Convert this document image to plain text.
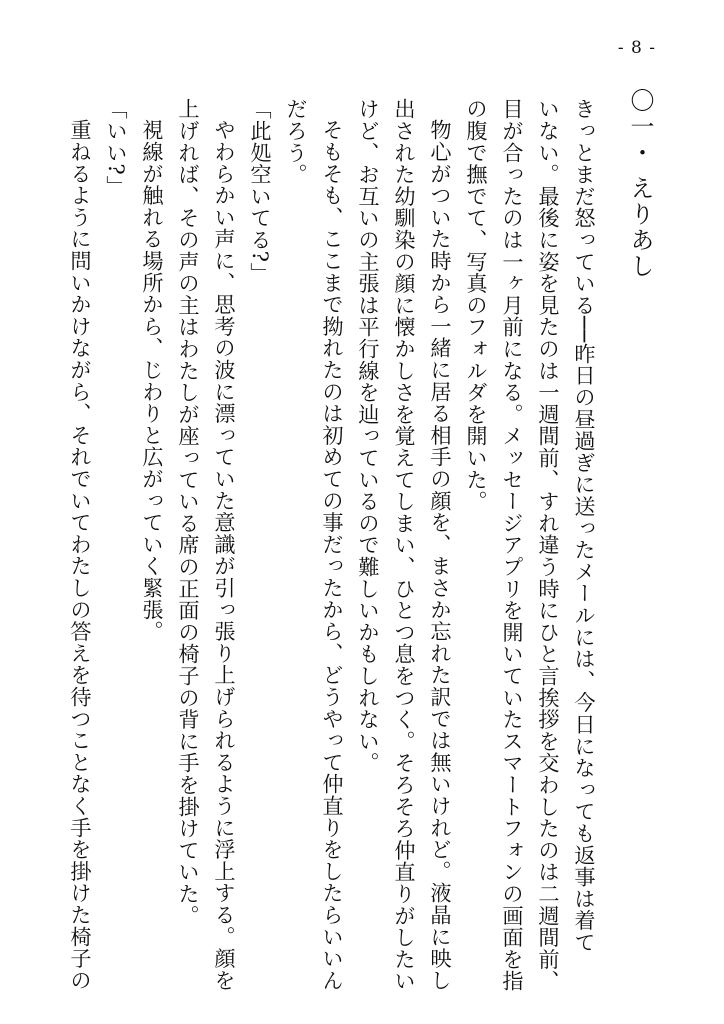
- 8 -
〇一・ えりあし
きっとまだ怒っている──昨日の昼過ぎに送ったメールには、今日になっても返事は着て
いない。最後に姿を見たのは一週間前、すれ違う時にひと言挨拶を交わしたのは二週間前、
目が合ったのは一ヶ月前になる。メッセージアプリを開いていたスマートフォンの画面を指
の腹で撫でて、写真のフォルダを開いた。
物心がついた時から一緒に居る相手の顔を、まさか忘れた訳では無いけれど。液晶に映し
出された幼馴染の顔に懐かしさを覚えてしまい、ひとつ息をつく。そろそろ仲直りがしたい
けど、お互いの主張は平行線を辿っているので難しいかもしれない。
そもそも、ここまで拗れたのは初めての事だったから、どうやって仲直りをしたらいいん
だろう。
「此処空いてる?」
やわらかい声に、思考の波に漂っていた意識が引っ張り上げられるように浮上する。顔を
上げれば、その声の主はわたしが座っている席の正面の椅子の背に手を掛けていた。
視線が触れる場所から、じわりと広がっていく緊張。
「いい?」
重ねるように問いかけながら、それでいてわたしの答えを待つことなく手を掛けた椅子の
